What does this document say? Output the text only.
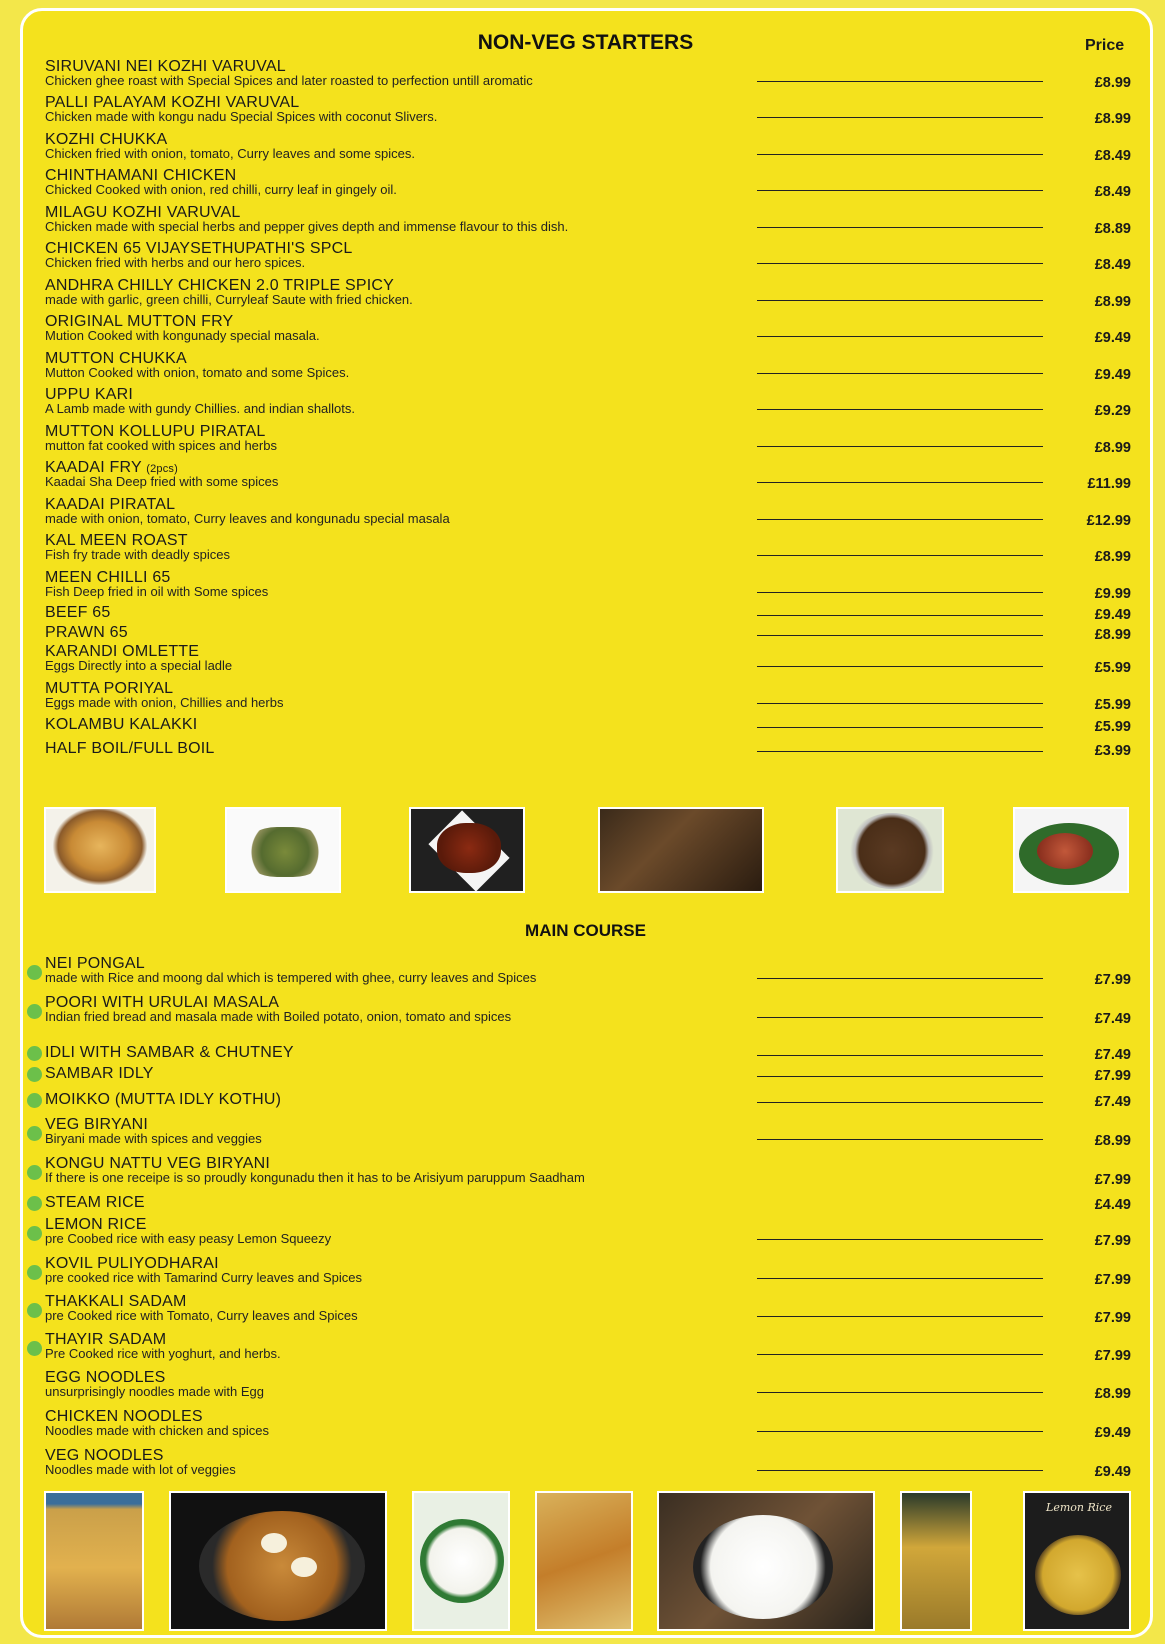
NON-VEG STARTERS	Price
SIRUVANI NEI KOZHI VARUVAL
Chicken ghee roast with Special Spices and later roasted to perfection untill aromatic	£8.99
PALLI PALAYAM KOZHI VARUVAL
Chicken made with kongu nadu Special Spices with coconut Slivers.	£8.99
KOZHI CHUKKA
Chicken fried with onion, tomato, Curry leaves and some spices.	£8.49
CHINTHAMANI CHICKEN
Chicked Cooked with onion, red chilli, curry leaf in gingely oil.	£8.49
MILAGU KOZHI VARUVAL
Chicken made with special herbs and pepper gives depth and immense flavour to this dish.	£8.89
CHICKEN 65 VIJAYSETHUPATHI'S SPCL
Chicken fried with herbs and our hero spices.	£8.49
ANDHRA CHILLY CHICKEN 2.0 TRIPLE SPICY
made with garlic, green chilli, Curryleaf Saute with fried chicken.	£8.99
ORIGINAL MUTTON FRY
Mution Cooked with kongunady special masala.	£9.49
MUTTON CHUKKA
Mutton Cooked with onion, tomato and some Spices.	£9.49
UPPU KARI
A Lamb made with gundy Chillies. and indian shallots.	£9.29
MUTTON KOLLUPU PIRATAL
mutton fat cooked with spices and herbs	£8.99
KAADAI FRY (2pcs)
Kaadai Sha Deep fried with some spices	£11.99
KAADAI PIRATAL
made with onion, tomato, Curry leaves and kongunadu special masala	£12.99
KAL MEEN ROAST
Fish fry trade with deadly spices	£8.99
MEEN CHILLI 65
Fish Deep fried in oil with Some spices	£9.99
BEEF 65	£9.49
PRAWN 65	£8.99
KARANDI OMLETTE
Eggs Directly into a special ladle	£5.99
MUTTA PORIYAL
Eggs made with onion, Chillies and herbs	£5.99
KOLAMBU KALAKKI	£5.99
HALF BOIL/FULL BOIL	£3.99
MAIN COURSE
NEI PONGAL
made with Rice and moong dal which is tempered with ghee, curry leaves and Spices	£7.99
POORI WITH URULAI MASALA
Indian fried bread and masala made with Boiled potato, onion, tomato and spices	£7.49
IDLI WITH SAMBAR & CHUTNEY	£7.49
SAMBAR IDLY	£7.99
MOIKKO (MUTTA IDLY KOTHU)	£7.49
VEG BIRYANI
Biryani made with spices and veggies	£8.99
KONGU NATTU VEG BIRYANI
If there is one receipe is so proudly kongunadu then it has to be Arisiyum paruppum Saadham	£7.99
STEAM RICE	£4.49
LEMON RICE
pre Coobed rice with easy peasy Lemon Squeezy	£7.99
KOVIL PULIYODHARAI
pre cooked rice with Tamarind Curry leaves and Spices	£7.99
THAKKALI SADAM
pre Cooked rice with Tomato, Curry leaves and Spices	£7.99
THAYIR SADAM
Pre Cooked rice with yoghurt, and herbs.	£7.99
EGG NOODLES
unsurprisingly noodles made with Egg	£8.99
CHICKEN NOODLES
Noodles made with chicken and spices	£9.49
VEG NOODLES
Noodles made with lot of veggies	£9.49
Lemon Rice
